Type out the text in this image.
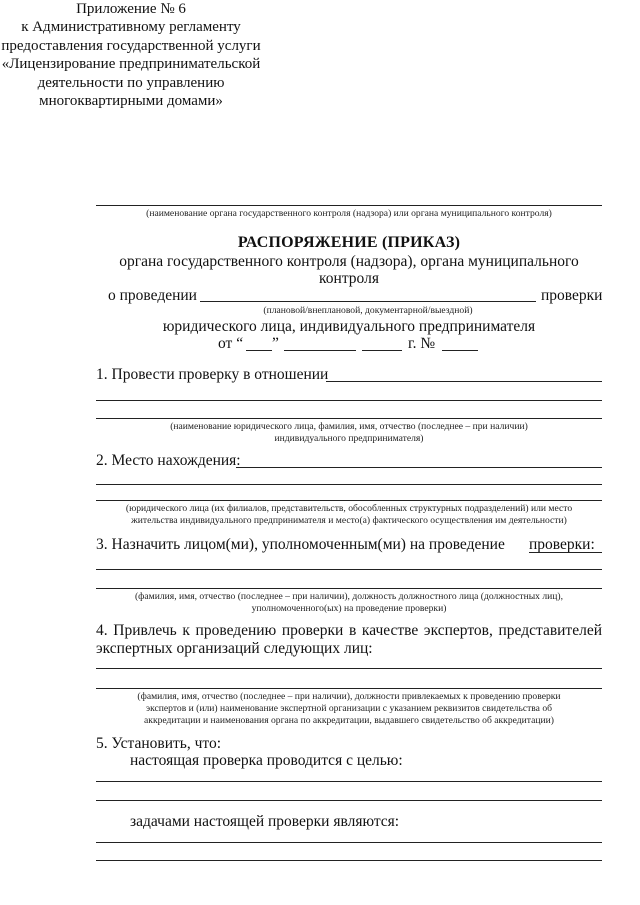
Приложение № 6
к Административному регламенту
предоставления государственной услуги
«Лицензирование предпринимательской
деятельности по управлению
многоквартирными домами»
(наименование органа государственного контроля (надзора) или органа муниципального контроля)
РАСПОРЯЖЕНИЕ (ПРИКАЗ)
органа государственного контроля (надзора), органа муниципального
контроля
о проведении	проверки
(плановой/внеплановой, документарной/выездной)
юридического лица, индивидуального предпринимателя
от “ ”	г. №
1. Провести проверку в отношении
(наименование юридического лица, фамилия, имя, отчество (последнее – при наличии)
индивидуального предпринимателя)
2. Место нахождения:
(юридического лица (их филиалов, представительств, обособленных структурных подразделений) или место
жительства индивидуального предпринимателя и место(а) фактического осуществления им деятельности)
3. Назначить лицом(ми), уполномоченным(ми) на проведение проверки:
(фамилия, имя, отчество (последнее – при наличии), должность должностного лица (должностных лиц),
уполномоченного(ых) на проведение проверки)
4. Привлечь к проведению проверки в качестве экспертов, представителей
экспертных организаций следующих лиц:
(фамилия, имя, отчество (последнее – при наличии), должности привлекаемых к проведению проверки
экспертов и (или) наименование экспертной организации с указанием реквизитов свидетельства об
аккредитации и наименования органа по аккредитации, выдавшего свидетельство об аккредитации)
5. Установить, что:
настоящая проверка проводится с целью:
задачами настоящей проверки являются:
